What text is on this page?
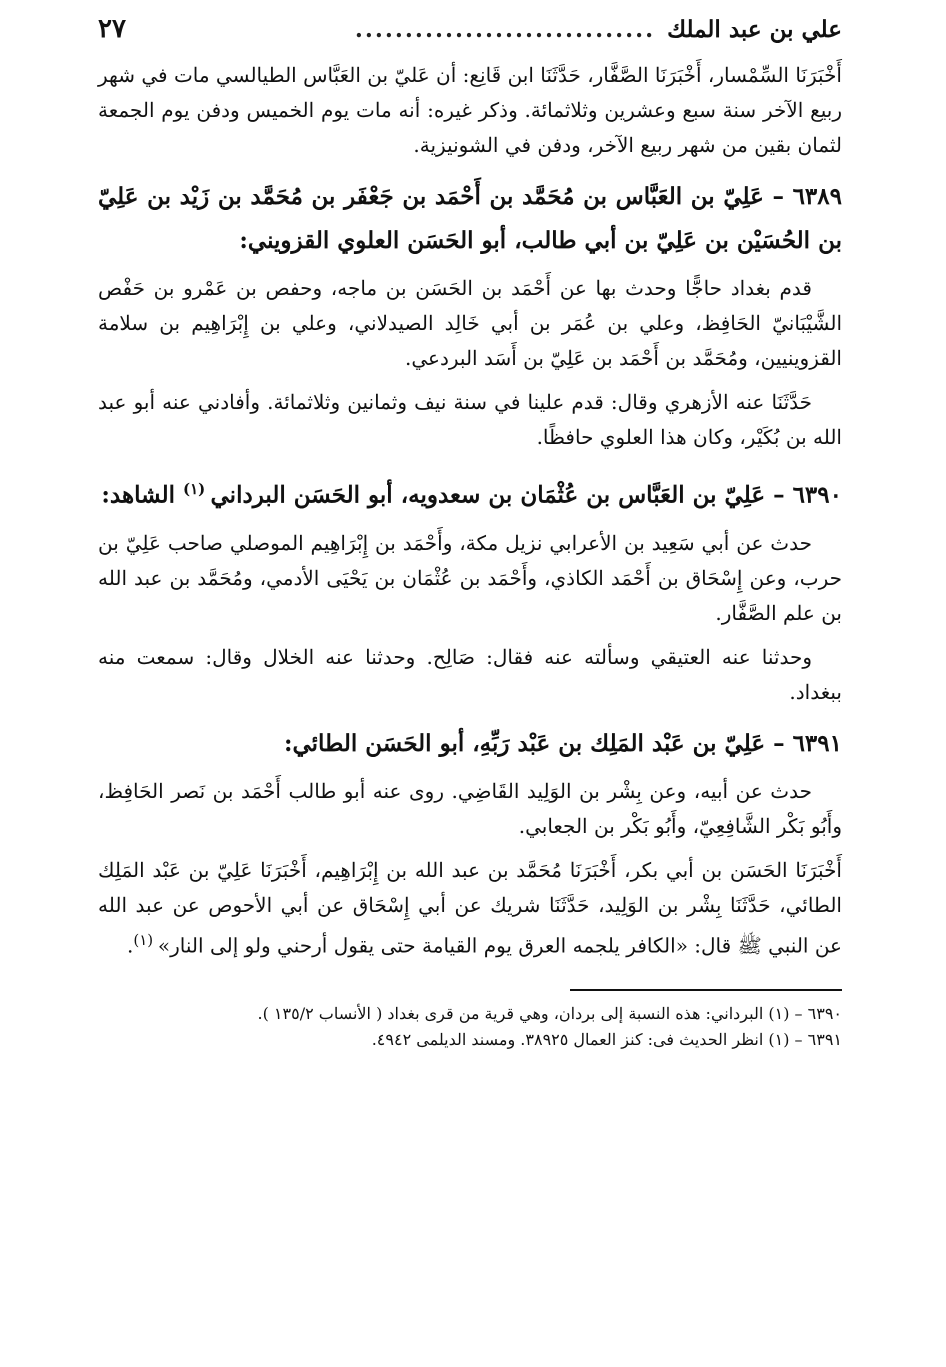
علي بن عبد الملك
..............................
٢٧

أَخْبَرَنَا السِّمْسار، أَخْبَرَنَا الصَّفَّار، حَدَّثَنَا ابن قَانِع: أن عَليّ بن العَبَّاس الطيالسي مات في شهر ربيع الآخر سنة سبع وعشرين وثلاثمائة. وذكر غيره: أنه مات يوم الخميس ودفن يوم الجمعة لثمان بقين من شهر ربيع الآخر، ودفن في الشونيزية.

٦٣٨٩ – عَلِيّ بن العَبَّاس بن مُحَمَّد بن أَحْمَد بن جَعْفَر بن مُحَمَّد بن زَيْد بن عَلِيّ بن الحُسَيْن بن عَلِيّ بن أبي طالب، أبو الحَسَن العلوي القزويني:

قدم بغداد حاجًّا وحدث بها عن أَحْمَد بن الحَسَن بن ماجه، وحفص بن عَمْرو بن حَفْص الشَّيْبَانيّ الحَافِظ، وعلي بن عُمَر بن أبي خَالِد الصيدلاني، وعلي بن إِبْرَاهِيم بن سلامة القزوينيين، ومُحَمَّد بن أَحْمَد بن عَلِيّ بن أَسَد البردعي.

حَدَّثَنَا عنه الأزهري وقال: قدم علينا في سنة نيف وثمانين وثلاثمائة. وأفادني عنه أبو عبد الله بن بُكَيْر، وكان هذا العلوي حافظًا.

٦٣٩٠ – عَلِيّ بن العَبَّاس بن عُثْمَان بن سعدويه، أبو الحَسَن البرداني $^{(١)}$ الشاهد:

حدث عن أبي سَعِيد بن الأعرابي نزيل مكة، وأَحْمَد بن إِبْرَاهِيم الموصلي صاحب عَلِيّ بن حرب، وعن إِسْحَاق بن أَحْمَد الكاذي، وأَحْمَد بن عُثْمَان بن يَحْيَى الأدمي، ومُحَمَّد بن عبد الله بن علم الصَّفَّار.

وحدثنا عنه العتيقي وسألته عنه فقال: صَالِح. وحدثنا عنه الخلال وقال: سمعت منه ببغداد.

٦٣٩١ – عَلِيّ بن عَبْد المَلِك بن عَبْد رَبِّهِ، أبو الحَسَن الطائي:

حدث عن أبيه، وعن بِشْر بن الوَلِيد القَاضِي. روى عنه أبو طالب أَحْمَد بن نَصر الحَافِظ، وأَبُو بَكْر الشَّافِعِيّ، وأَبُو بَكْر بن الجعابي.

أَخْبَرَنَا الحَسَن بن أبي بكر، أَخْبَرَنَا مُحَمَّد بن عبد الله بن إِبْرَاهِيم، أَخْبَرَنَا عَلِيّ بن عَبْد المَلِك الطائي، حَدَّثَنَا بِشْر بن الوَلِيد، حَدَّثَنَا شريك عن أبي إِسْحَاق عن أبي الأحوص عن عبد الله عن النبي ﷺ قال: «الكافر يلجمه العرق يوم القيامة حتى يقول أرحني ولو إلى النار» $^{(١)}$.

٦٣٩٠ – (١) البرداني: هذه النسبة إلى بردان، وهي قرية من قرى بغداد ( الأنساب ١٣٥/٢ ).

٦٣٩١ – (١) انظر الحديث فى: كنز العمال ٣٨٩٢٥. ومسند الديلمى ٤٩٤٢.
